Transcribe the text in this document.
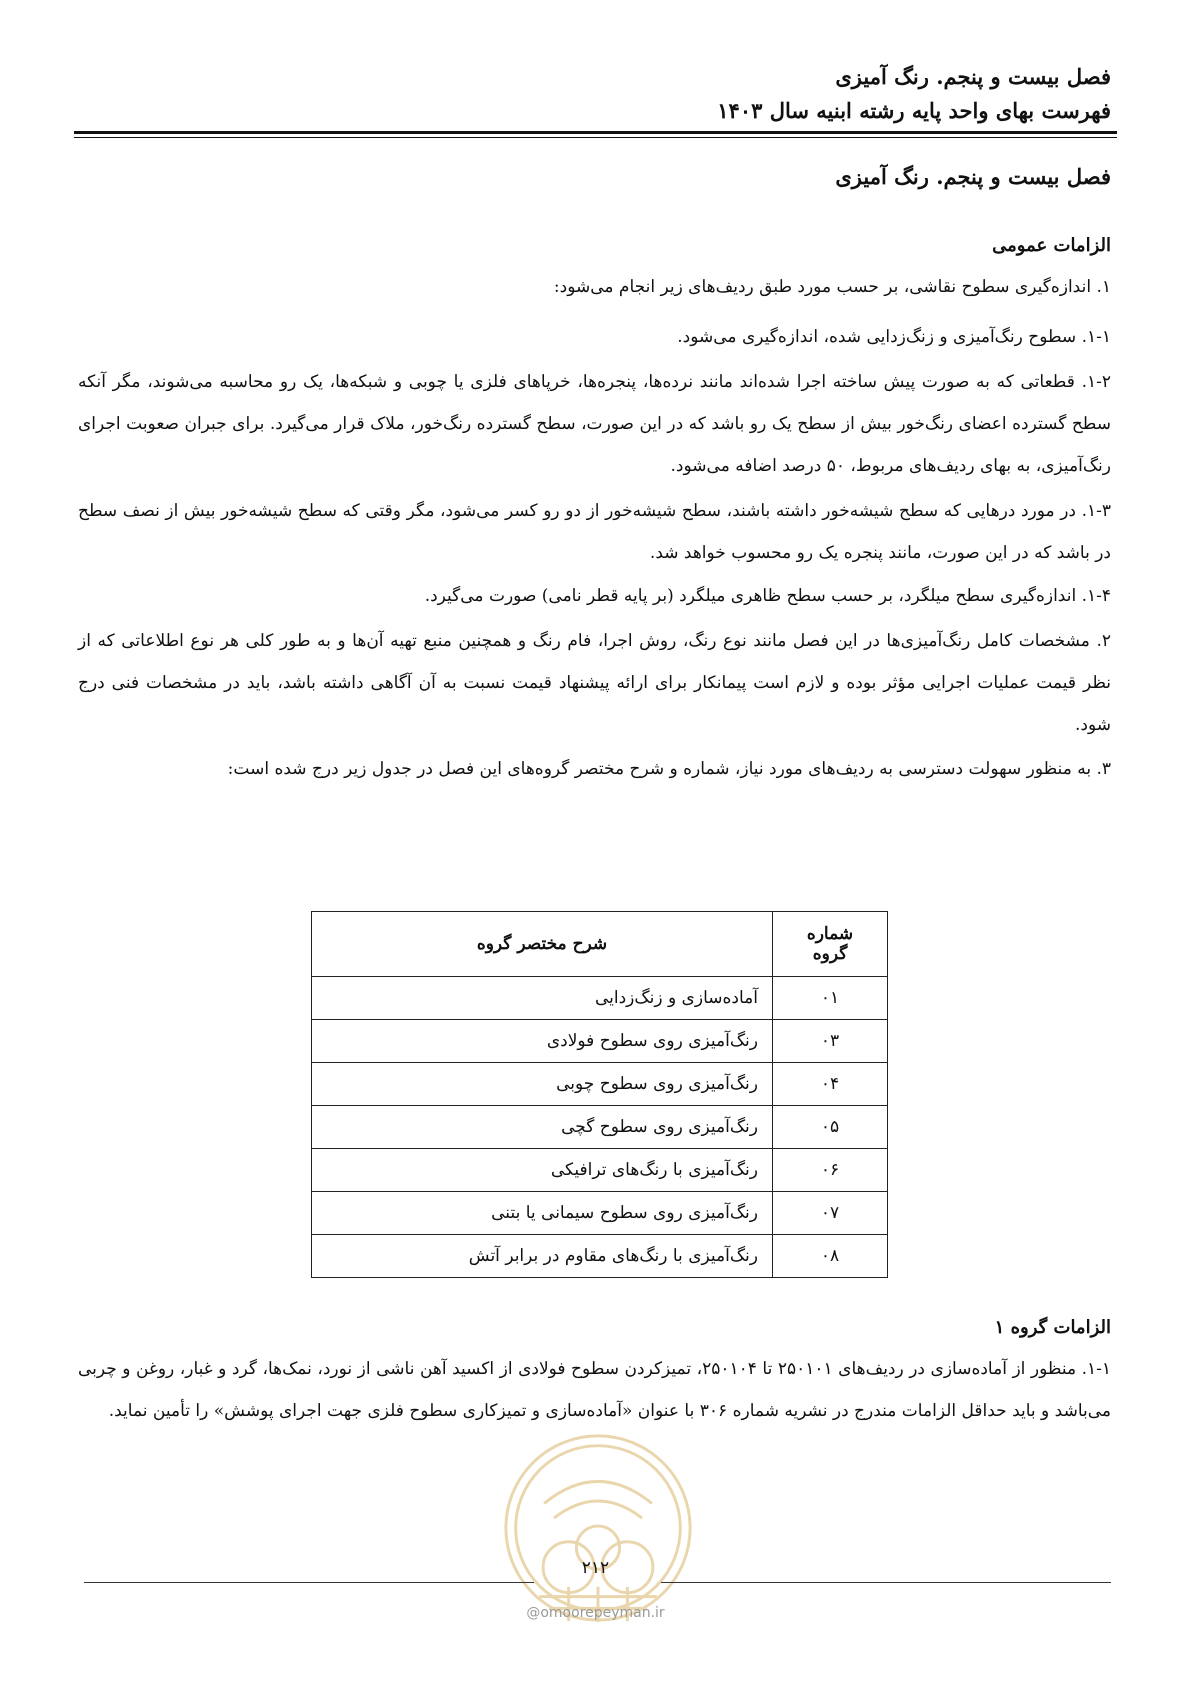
فصل بیست و پنجم. رنگ آمیزی
فهرست بهای واحد پایه رشته ابنیه سال ۱۴۰۳
فصل بیست و پنجم. رنگ آمیزی
الزامات عمومی
۱. اندازه‌گیری سطوح نقاشی، بر حسب مورد طبق ردیف‌های زیر انجام می‌شود:
۱-۱. سطوح رنگ‌آمیزی و زنگ‌زدایی شده، اندازه‌گیری می‌شود.
۱-۲. قطعاتی که به صورت پیش ساخته اجرا شده‌اند مانند نرده‌ها، پنجره‌ها، خرپاهای فلزی یا چوبی و شبکه‌ها، یک رو محاسبه می‌شوند، مگر آنکه سطح گسترده اعضای رنگ‌خور بیش از سطح یک رو باشد که در این صورت، سطح گسترده رنگ‌خور، ملاک قرار می‌گیرد. برای جبران صعوبت اجرای رنگ‌آمیزی، به بهای ردیف‌های مربوط، ۵۰ درصد اضافه می‌شود.
۱-۳. در مورد درهایی که سطح شیشه‌خور داشته باشند، سطح شیشه‌خور از دو رو کسر می‌شود، مگر وقتی که سطح شیشه‌خور بیش از نصف سطح در باشد که در این صورت، مانند پنجره یک رو محسوب خواهد شد.
۱-۴. اندازه‌گیری سطح میلگرد، بر حسب سطح ظاهری میلگرد (بر پایه قطر نامی) صورت می‌گیرد.
۲. مشخصات کامل رنگ‌آمیزی‌ها در این فصل مانند نوع رنگ، روش اجرا، فام رنگ و همچنین منبع تهیه آن‌ها و به طور کلی هر نوع اطلاعاتی که از نظر قیمت عملیات اجرایی مؤثر بوده و لازم است پیمانکار برای ارائه پیشنهاد قیمت نسبت به آن آگاهی داشته باشد، باید در مشخصات فنی درج شود.
۳. به منظور سهولت دسترسی به ردیف‌های مورد نیاز، شماره و شرح مختصر گروه‌های این فصل در جدول زیر درج شده است:
شماره گروه	شرح مختصر گروه
۰۱	آماده‌سازی و زنگ‌زدایی
۰۳	رنگ‌آمیزی روی سطوح فولادی
۰۴	رنگ‌آمیزی روی سطوح چوبی
۰۵	رنگ‌آمیزی روی سطوح گچی
۰۶	رنگ‌آمیزی با رنگ‌های ترافیکی
۰۷	رنگ‌آمیزی روی سطوح سیمانی یا بتنی
۰۸	رنگ‌آمیزی با رنگ‌های مقاوم در برابر آتش
الزامات گروه ۱
۱-۱. منظور از آماده‌سازی در ردیف‌های ۲۵۰۱۰۱ تا ۲۵۰۱۰۴، تمیزکردن سطوح فولادی از اکسید آهن ناشی از نورد، نمک‌ها، گرد و غبار، روغن و چربی می‌باشد و باید حداقل الزامات مندرج در نشریه شماره ۳۰۶ با عنوان «آماده‌سازی و تمیزکاری سطوح فلزی جهت اجرای پوشش» را تأمین نماید.
۲۱۲
@omoorepeyman.ir
